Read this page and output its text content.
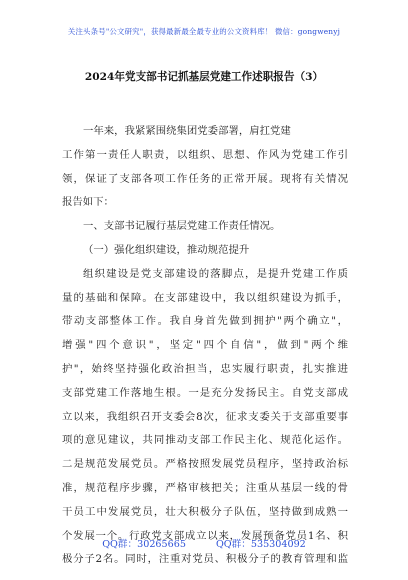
关注头条号"公文研究"，获得最新最全最专业的公文资料库！ 微信：gongwenyj
2024年党支部书记抓基层党建工作述职报告（3）
一年来，我紧紧围绕集团党委部署，肩扛党建
工作第一责任人职责，以组织、思想、作风为党建工作引
领，保证了支部各项工作任务的正常开展。现将有关情况
报告如下：
一、支部书记履行基层党建工作责任情况。
（一）强化组织建设，推动规范提升
组织建设是党支部建设的落脚点，是提升党建工作质
量的基础和保障。在支部建设中，我以组织建设为抓手，
带动支部整体工作。我自身首先做到拥护"两个确立"，
增强"四个意识"，坚定"四个自信"，做到"两个维
护"，始终坚持强化政治担当，忠实履行职责，扎实推进
支部党建工作落地生根。一是充分发扬民主。自党支部成
立以来，我组织召开支委会8次，征求支委关于支部重要事
项的意见建议，共同推动支部工作民主化、规范化运作。
二是规范发展党员。严格按照发展党员程序，坚持政治标
准，规范程序步骤，严格审核把关；注重从基层一线的骨
干员工中发展党员，壮大积极分子队伍，坚持做到成熟一
个发展一个。行政党支部成立以来，发展预备党员1名、积
极分子2名。同时，注重对党员、积极分子的教育管理和监
QQ群：30265665	QQ群：535304092
